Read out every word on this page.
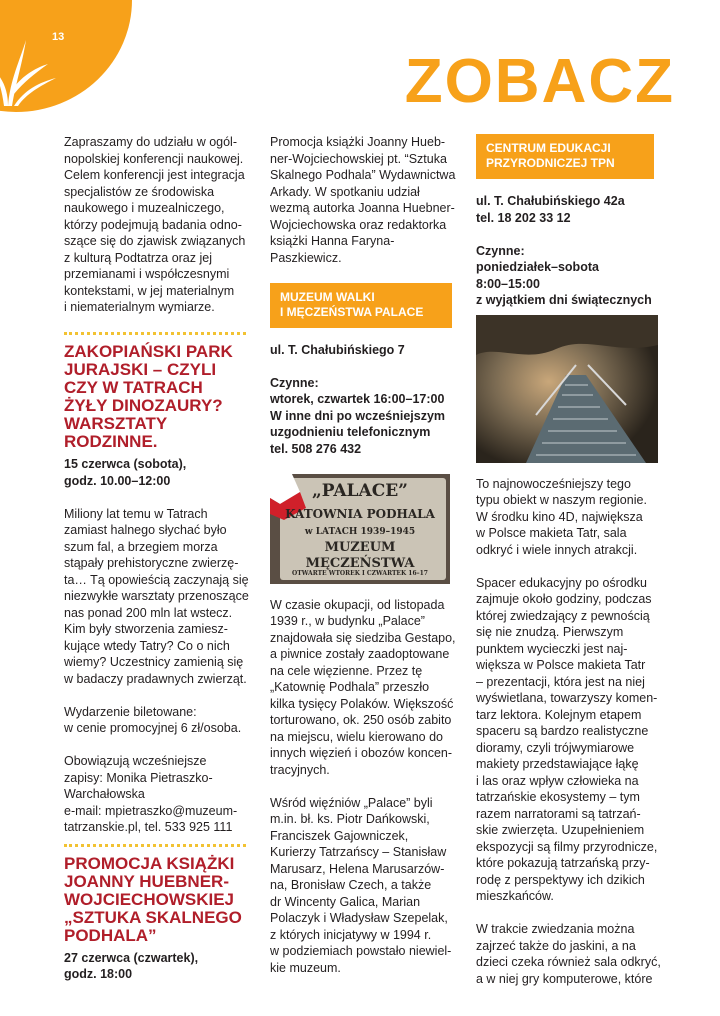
13
ZOBACZ

Zapraszamy do udziału w ogól-
nopolskiej konferencji naukowej.
Celem konferencji jest integracja
specjalistów ze środowiska
naukowego i muzealniczego,
którzy podejmują badania odno-
szące się do zjawisk związanych
z kulturą Podtatrza oraz jej
przemianami i współczesnymi
kontekstami, w jej materialnym
i niematerialnym wymiarze.

ZAKOPIAŃSKI PARK
JURAJSKI – CZYLI
CZY W TATRACH
ŻYŁY DINOZAURY?
WARSZTATY
RODZINNE.

15 czerwca (sobota),
godz. 10.00–12:00

Miliony lat temu w Tatrach
zamiast halnego słychać było
szum fal, a brzegiem morza
stąpały prehistoryczne zwierzę-
ta… Tą opowieścią zaczynają się
niezwykłe warsztaty przenoszące
nas ponad 200 mln lat wstecz.
Kim były stworzenia zamiesz-
kujące wtedy Tatry? Co o nich
wiemy? Uczestnicy zamienią się
w badaczy pradawnych zwierząt.

Wydarzenie biletowane:
w cenie promocyjnej 6 zł/osoba.

Obowiązują wcześniejsze
zapisy: Monika Pietraszko-
Warchałowska
e-mail: mpietraszko@muzeum-
tatrzanskie.pl, tel. 533 925 111

PROMOCJA KSIĄŻKI
JOANNY HUEBNER-
WOJCIECHOWSKIEJ
„SZTUKA SKALNEGO
PODHALA”

27 czerwca (czwartek),
godz. 18:00

Promocja książki Joanny Hueb-
ner-Wojciechowskiej pt. “Sztuka
Skalnego Podhala” Wydawnictwa
Arkady. W spotkaniu udział
wezmą autorka Joanna Huebner-
Wojciechowska oraz redaktorka
książki Hanna Faryna-
Paszkiewicz.

MUZEUM WALKI
I MĘCZEŃSTWA PALACE

ul. T. Chałubińskiego 7

Czynne:
wtorek, czwartek 16:00–17:00
W inne dni po wcześniejszym
uzgodnieniu telefonicznym
tel. 508 276 432

„PALACE”
KATOWNIA PODHALA
w LATACH 1939–1945
MUZEUM MĘCZEŃSTWA
OTWARTE WTOREK I CZWARTEK 16–17

W czasie okupacji, od listopada
1939 r., w budynku „Palace”
znajdowała się siedziba Gestapo,
a piwnice zostały zaadoptowane
na cele więzienne. Przez tę
„Katownię Podhala” przeszło
kilka tysięcy Polaków. Większość
torturowano, ok. 250 osób zabito
na miejscu, wielu kierowano do
innych więzień i obozów koncen-
tracyjnych.

Wśród więźniów „Palace” byli
m.in. bł. ks. Piotr Dańkowski,
Franciszek Gajowniczek,
Kurierzy Tatrzańscy – Stanisław
Marusarz, Helena Marusarzów-
na, Bronisław Czech, a także
dr Wincenty Galica, Marian
Polaczyk i Władysław Szepelak,
z których inicjatywy w 1994 r.
w podziemiach powstało niewiel-
kie muzeum.

CENTRUM EDUKACJI
PRZYRODNICZEJ TPN

ul. T. Chałubińskiego 42a
tel. 18 202 33 12

Czynne:
poniedziałek–sobota
8:00–15:00
z wyjątkiem dni świątecznych

To najnowocześniejszy tego
typu obiekt w naszym regionie.
W środku kino 4D, największa
w Polsce makieta Tatr, sala
odkryć i wiele innych atrakcji.

Spacer edukacyjny po ośrodku
zajmuje około godziny, podczas
której zwiedzający z pewnością
się nie znudzą. Pierwszym
punktem wycieczki jest naj-
większa w Polsce makieta Tatr
– prezentacji, która jest na niej
wyświetlana, towarzyszy komen-
tarz lektora. Kolejnym etapem
spaceru są bardzo realistyczne
dioramy, czyli trójwymiarowe
makiety przedstawiające łąkę
i las oraz wpływ człowieka na
tatrzańskie ekosystemy – tym
razem narratorami są tatrzań-
skie zwierzęta. Uzupełnieniem
ekspozycji są filmy przyrodnicze,
które pokazują tatrzańską przy-
rodę z perspektywy ich dzikich
mieszkańców.

W trakcie zwiedzania można
zajrzeć także do jaskini, a na
dzieci czeka również sala odkryć,
a w niej gry komputerowe, które
